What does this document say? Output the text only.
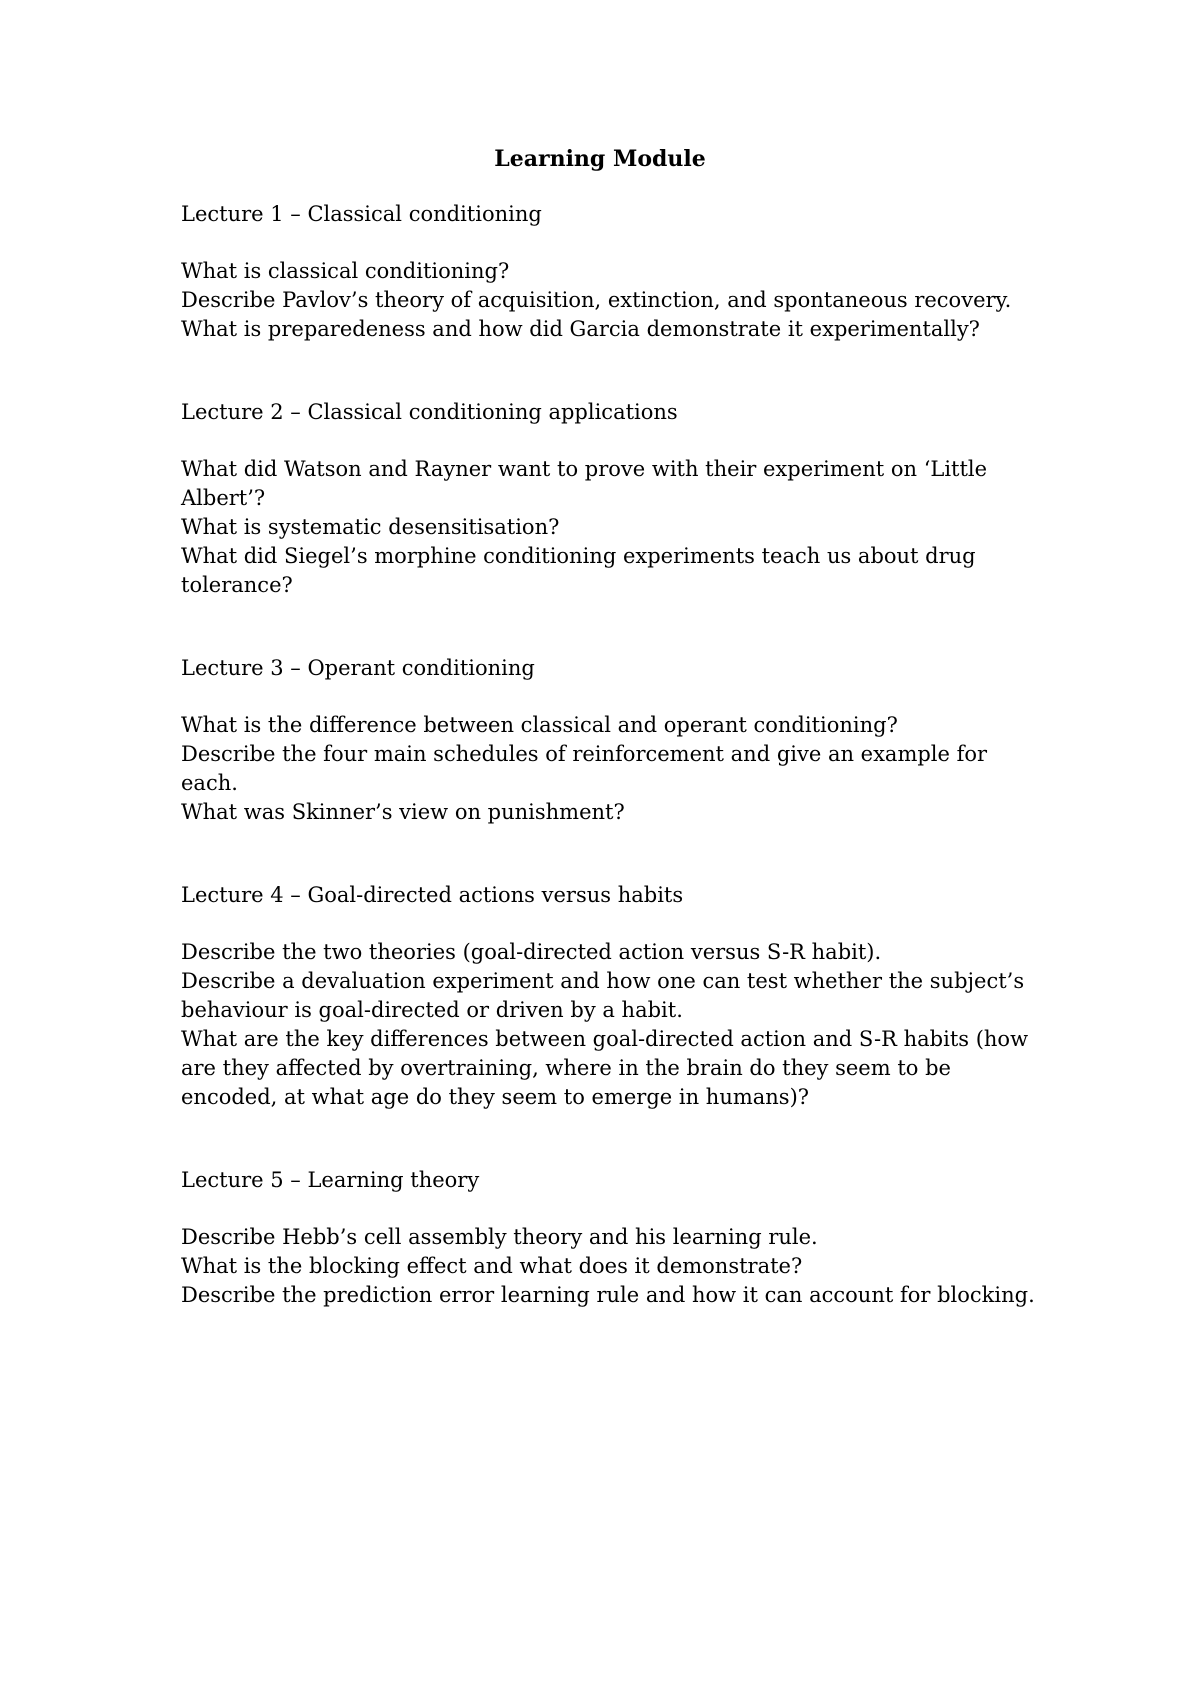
Learning Module

Lecture 1 – Classical conditioning

What is classical conditioning?

Describe Pavlov’s theory of acquisition, extinction, and spontaneous recovery.

What is preparedeness and how did Garcia demonstrate it experimentally?

Lecture 2 – Classical conditioning applications

What did Watson and Rayner want to prove with their experiment on ‘Little Albert’?

What is systematic desensitisation?

What did Siegel’s morphine conditioning experiments teach us about drug tolerance?

Lecture 3 – Operant conditioning

What is the difference between classical and operant conditioning?

Describe the four main schedules of reinforcement and give an example for each.

What was Skinner’s view on punishment?

Lecture 4 – Goal-directed actions versus habits

Describe the two theories (goal-directed action versus S-R habit).

Describe a devaluation experiment and how one can test whether the subject’s behaviour is goal-directed or driven by a habit.

What are the key differences between goal-directed action and S-R habits (how are they affected by overtraining, where in the brain do they seem to be encoded, at what age do they seem to emerge in humans)?

Lecture 5 – Learning theory

Describe Hebb’s cell assembly theory and his learning rule.

What is the blocking effect and what does it demonstrate?

Describe the prediction error learning rule and how it can account for blocking.
